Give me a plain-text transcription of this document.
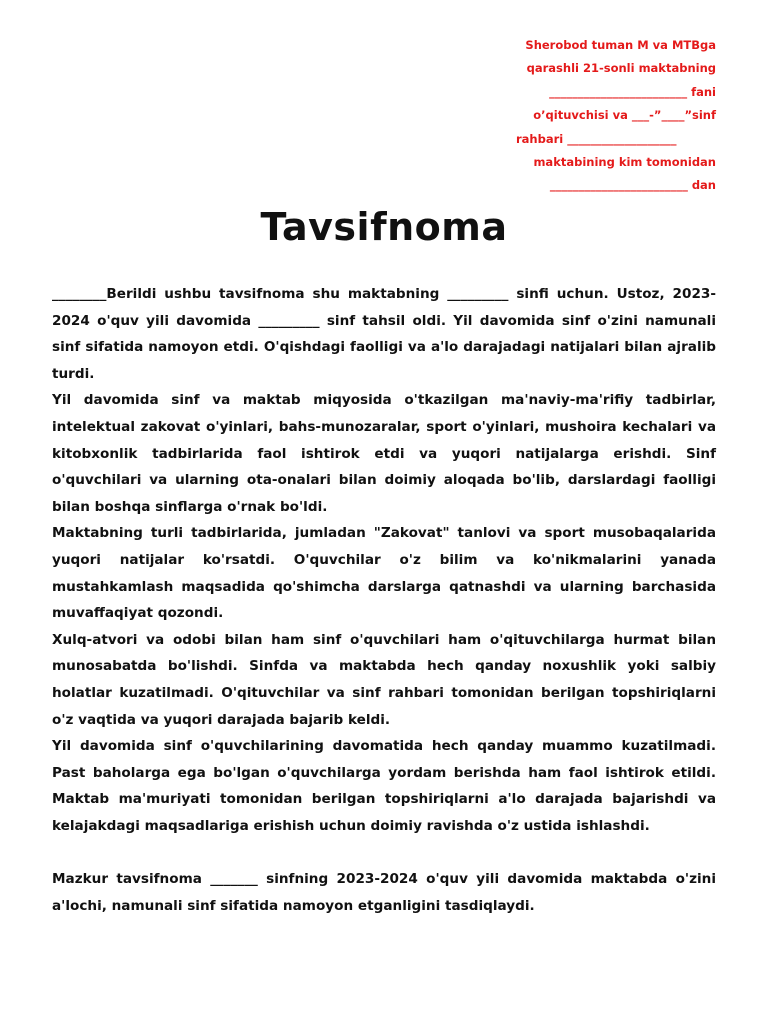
Sherobod tuman M va MTBga
qarashli 21-sonli maktabning
________________________ fani
o’qituvchisi va ___-”____”sinf
rahbari ___________________
maktabining kim tomonidan
________________________ dan
Tavsifnoma

________Berildi ushbu tavsifnoma shu maktabning _________ sinfi uchun. Ustoz, 2023-2024 o'quv yili davomida _________ sinf tahsil oldi. Yil davomida sinf o'zini namunali sinf sifatida namoyon etdi. O'qishdagi faolligi va a'lo darajadagi natijalari bilan ajralib turdi.

Yil davomida sinf va maktab miqyosida o'tkazilgan ma'naviy-ma'rifiy tadbirlar, intelektual zakovat o'yinlari, bahs-munozaralar, sport o'yinlari, mushoira kechalari va kitobxonlik tadbirlarida faol ishtirok etdi va yuqori natijalarga erishdi. Sinf o'quvchilari va ularning ota-onalari bilan doimiy aloqada bo'lib, darslardagi faolligi bilan boshqa sinflarga o'rnak bo'ldi.

Maktabning turli tadbirlarida, jumladan "Zakovat" tanlovi va sport musobaqalarida yuqori natijalar ko'rsatdi. O'quvchilar o'z bilim va ko'nikmalarini yanada mustahkamlash maqsadida qo'shimcha darslarga qatnashdi va ularning barchasida muvaffaqiyat qozondi.

Xulq-atvori va odobi bilan ham sinf o'quvchilari ham o'qituvchilarga hurmat bilan munosabatda bo'lishdi. Sinfda va maktabda hech qanday noxushlik yoki salbiy holatlar kuzatilmadi. O'qituvchilar va sinf rahbari tomonidan berilgan topshiriqlarni o'z vaqtida va yuqori darajada bajarib keldi.

Yil davomida sinf o'quvchilarining davomatida hech qanday muammo kuzatilmadi. Past baholarga ega bo'lgan o'quvchilarga yordam berishda ham faol ishtirok etildi. Maktab ma'muriyati tomonidan berilgan topshiriqlarni a'lo darajada bajarishdi va kelajakdagi maqsadlariga erishish uchun doimiy ravishda o'z ustida ishlashdi.

Mazkur tavsifnoma _______ sinfning 2023-2024 o'quv yili davomida maktabda o'zini a'lochi, namunali sinf sifatida namoyon etganligini tasdiqlaydi.
